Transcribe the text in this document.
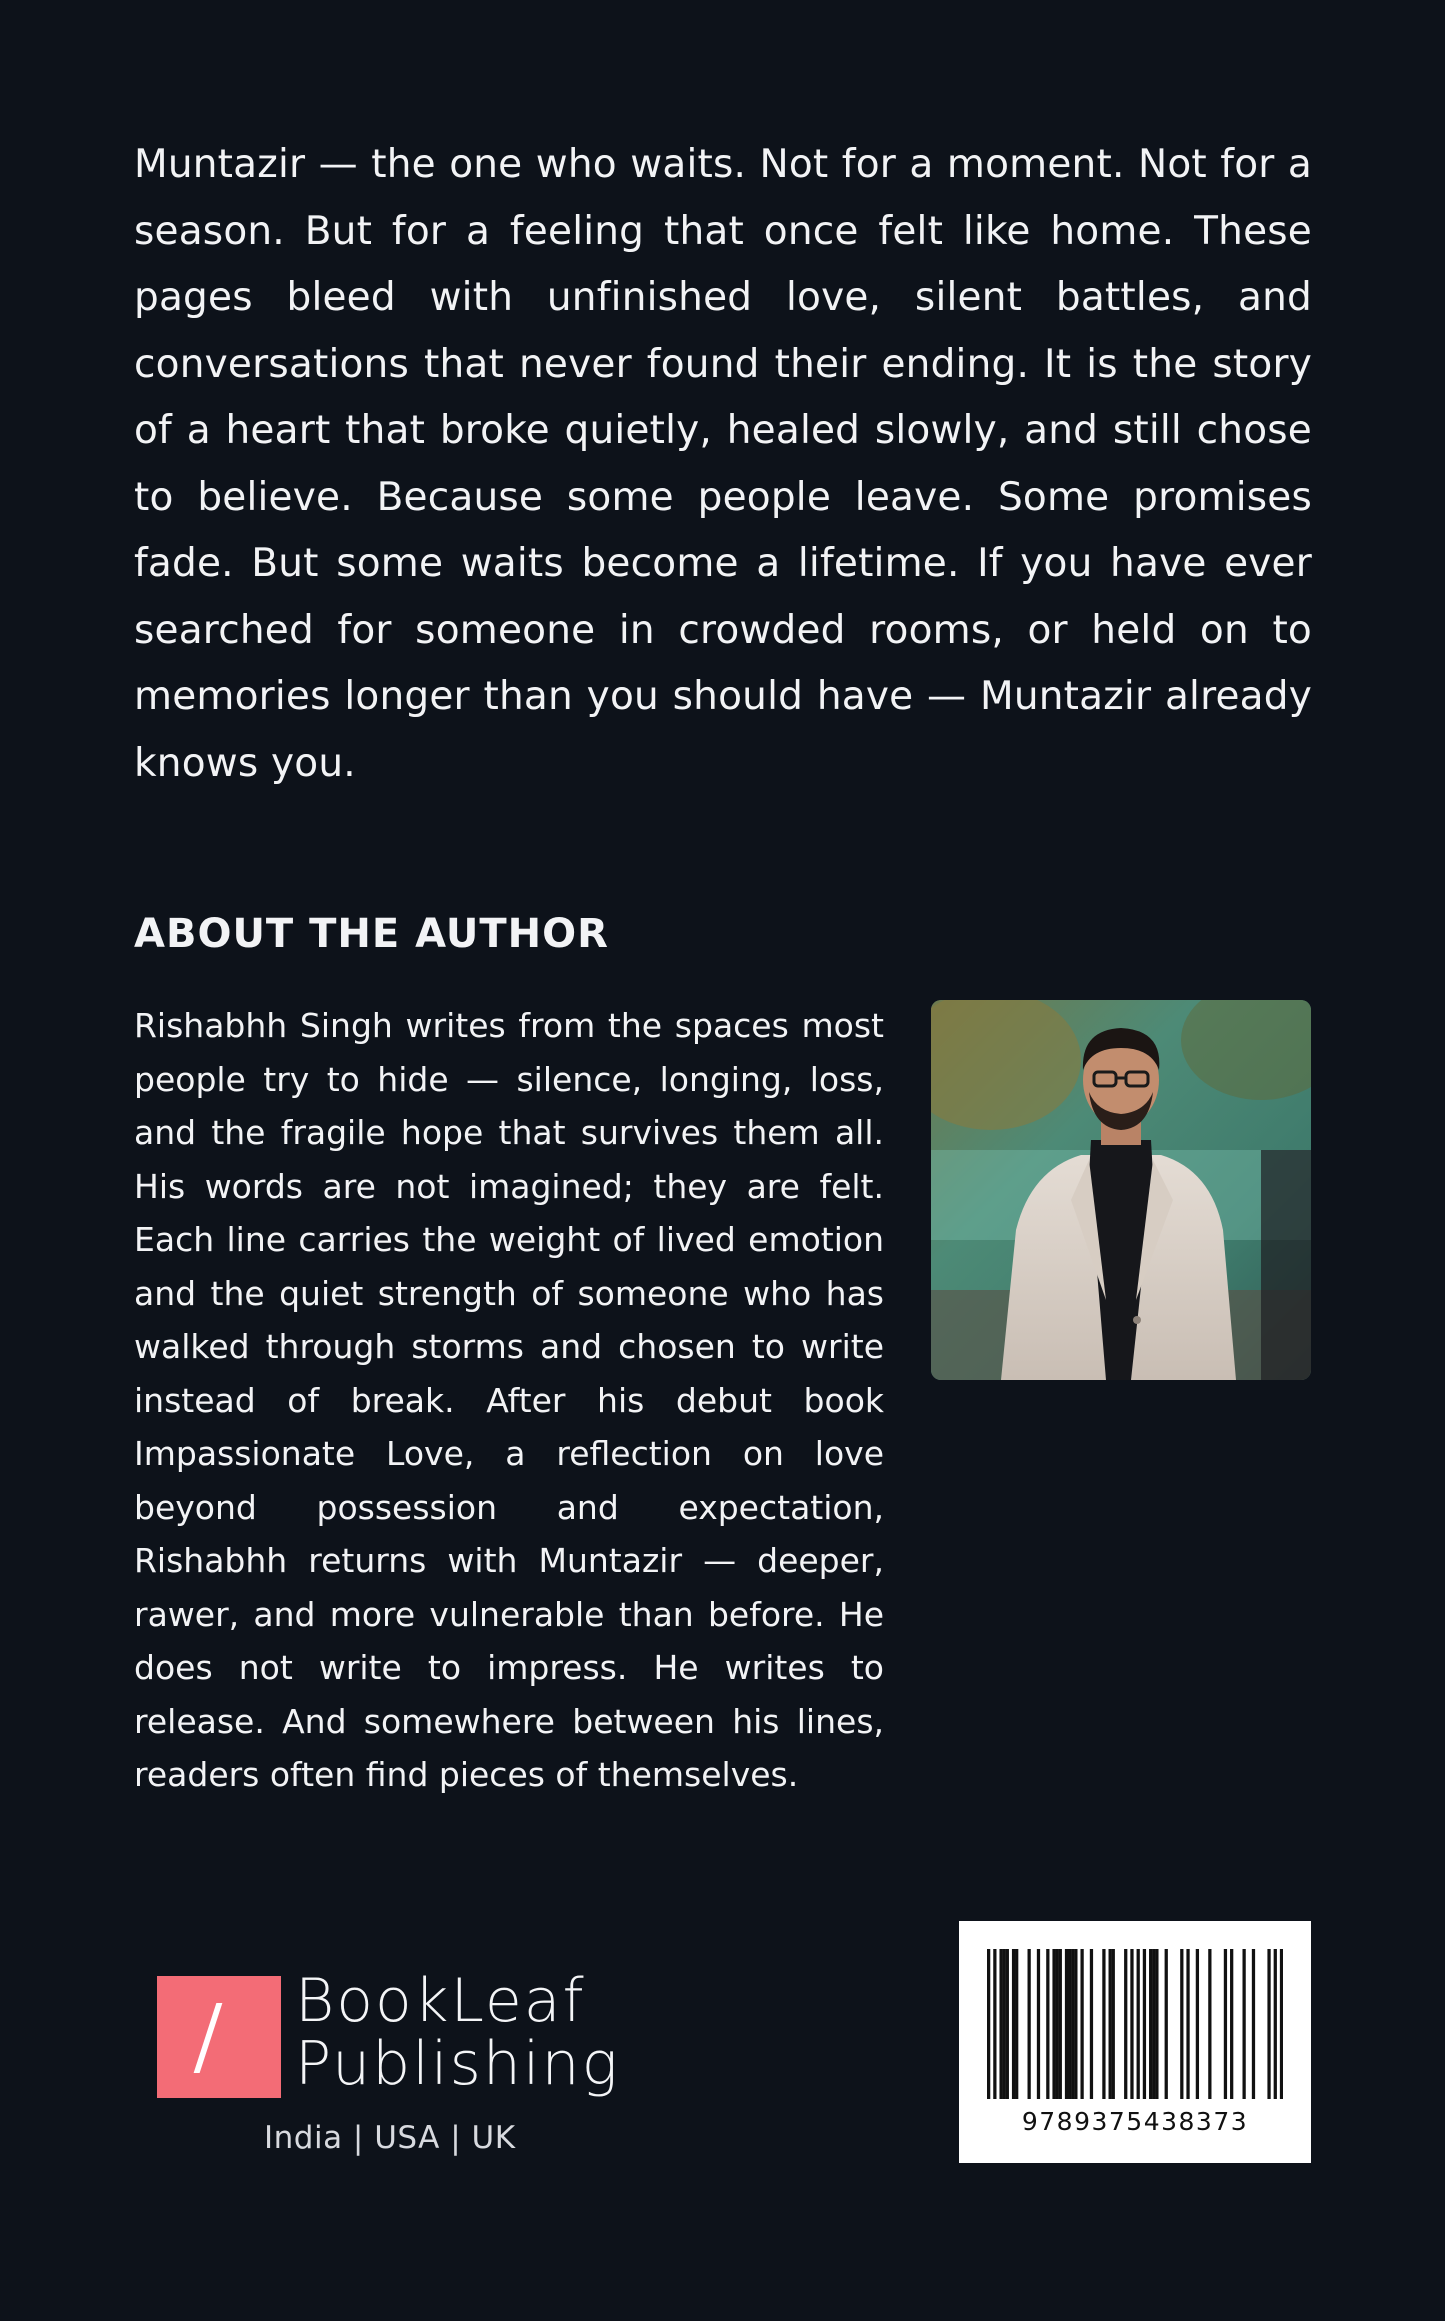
Muntazir — the one who waits. Not for a moment. Not for a season. But for a feeling that once felt like home. These pages bleed with unfinished love, silent battles, and conversations that never found their ending. It is the story of a heart that broke quietly, healed slowly, and still chose to believe. Because some people leave. Some promises fade. But some waits become a lifetime. If you have ever searched for someone in crowded rooms, or held on to memories longer than you should have — Muntazir already knows you.

ABOUT THE AUTHOR

Rishabhh Singh writes from the spaces most people try to hide — silence, longing, loss, and the fragile hope that survives them all. His words are not imagined; they are felt. Each line carries the weight of lived emotion and the quiet strength of someone who has walked through storms and chosen to write instead of break. After his debut book Impassionate Love, a reflection on love beyond possession and expectation, Rishabhh returns with Muntazir — deeper, rawer, and more vulnerable than before. He does not write to impress. He writes to release. And somewhere between his lines, readers often find pieces of themselves.

BookLeaf
Publishing
India | USA | UK	9789375438373
